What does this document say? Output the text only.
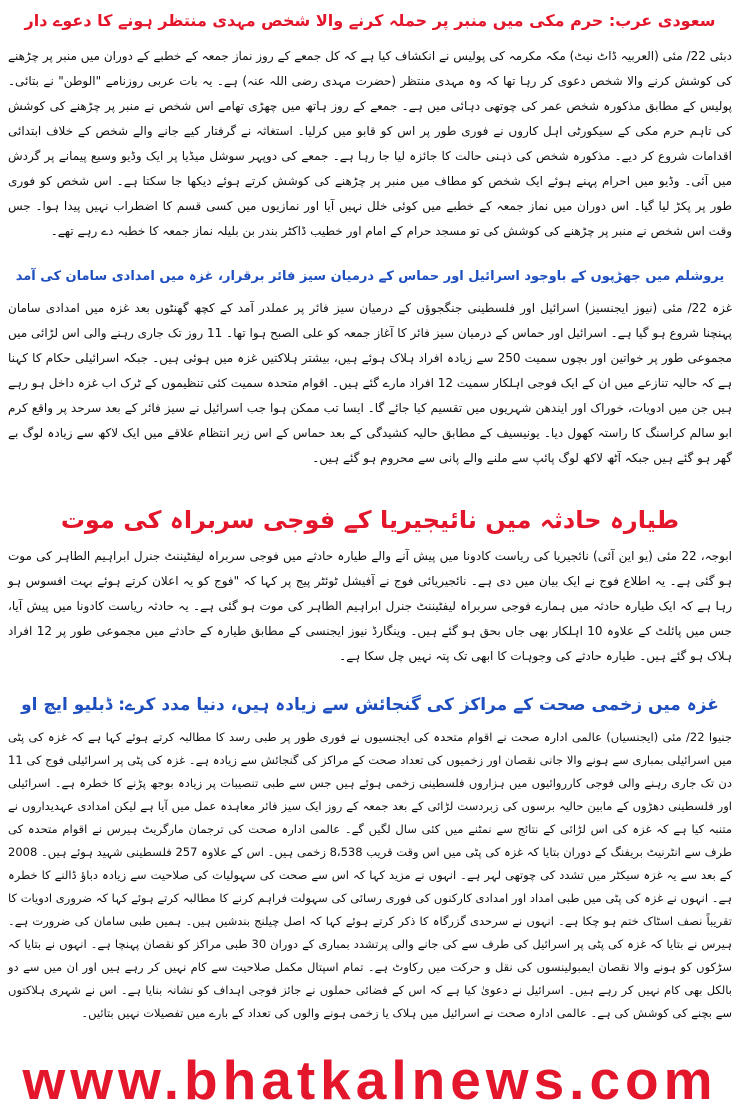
سعودی عرب: حرم مکی میں منبر پر حملہ کرنے والا شخص مہدی منتظر ہونے کا دعوے دار

دبئی 22/ مئی (العربیہ ڈاٹ نیٹ) مکہ مکرمہ کی پولیس نے انکشاف کیا ہے کہ کل جمعے کے روز نماز جمعہ کے خطبے کے دوران میں منبر پر چڑھنے کی کوشش کرنے والا شخص دعوی کر رہا تھا کہ وہ مہدی منتظر (حضرت مہدی رضی اللہ عنہ) ہے۔ یہ بات عربی روزنامے "الوطن" نے بتائی۔ پولیس کے مطابق مذکورہ شخص عمر کی چوتھی دہائی میں ہے۔ جمعے کے روز ہاتھ میں چھڑی تھامے اس شخص نے منبر پر چڑھنے کی کوشش کی تاہم حرم مکی کے سیکورٹی اہل کاروں نے فوری طور پر اس کو قابو میں کرلیا۔ استغاثہ نے گرفتار کیے جانے والے شخص کے خلاف ابتدائی اقدامات شروع کر دیے۔ مذکورہ شخص کی ذہنی حالت کا جائزہ لیا جا رہا ہے۔ جمعے کی دوپہر سوشل میڈیا پر ایک وڈیو وسیع پیمانے پر گردش میں آئی۔ وڈیو میں احرام پہنے ہوئے ایک شخص کو مطاف میں منبر پر چڑھنے کی کوشش کرتے ہوئے دیکھا جا سکتا ہے۔ اس شخص کو فوری طور پر پکڑ لیا گیا۔ اس دوران میں نماز جمعہ کے خطبے میں کوئی خلل نہیں آیا اور نمازیوں میں کسی قسم کا اضطراب نہیں پیدا ہوا۔ جس وقت اس شخص نے منبر پر چڑھنے کی کوشش کی تو مسجد حرام کے امام اور خطیب ڈاکٹر بندر بن بلیلہ نماز جمعہ کا خطبہ دے رہے تھے۔

یروشلم میں جھڑپوں کے باوجود اسرائیل اور حماس کے درمیان سیز فائر برقرار، غزہ میں امدادی سامان کی آمد

غزہ 22/ مئی (نیوز ایجنسیز) اسرائیل اور فلسطینی جنگجوؤں کے درمیان سیز فائر پر عملدر آمد کے کچھ گھنٹوں بعد غزہ میں امدادی سامان پہنچنا شروع ہو گیا ہے۔ اسرائیل اور حماس کے درمیان سیز فائر کا آغاز جمعہ کو علی الصبح ہوا تھا۔ 11 روز تک جاری رہنے والی اس لڑائی میں مجموعی طور پر خواتین اور بچوں سمیت 250 سے زیادہ افراد ہلاک ہوئے ہیں، بیشتر ہلاکتیں غزہ میں ہوئی ہیں۔ جبکہ اسرائیلی حکام کا کہنا ہے کہ حالیہ تنازعے میں ان کے ایک فوجی اہلکار سمیت 12 افراد مارے گئے ہیں۔ اقوام متحدہ سمیت کئی تنظیموں کے ٹرک اب غزہ داخل ہو رہے ہیں جن میں ادویات، خوراک اور ایندھن شہریوں میں تقسیم کیا جائے گا۔ ایسا تب ممکن ہوا جب اسرائیل نے سیز فائر کے بعد سرحد پر واقع کرم ابو سالم کراسنگ کا راستہ کھول دیا۔ یونیسیف کے مطابق حالیہ کشیدگی کے بعد حماس کے اس زیر انتظام علاقے میں ایک لاکھ سے زیادہ لوگ بے گھر ہو گئے ہیں جبکہ آٹھ لاکھ لوگ پائپ سے ملنے والے پانی سے محروم ہو گئے ہیں۔

طیارہ حادثہ میں نائیجیریا کے فوجی سربراہ کی موت

ابوجہ، 22 مئی (یو این آئی) نائجیریا کی ریاست کادونا میں پیش آنے والے طیارہ حادثے میں فوجی سربراہ لیفٹیننٹ جنرل ابراہیم الطاہر کی موت ہو گئی ہے۔ یہ اطلاع فوج نے ایک بیان میں دی ہے۔ نائجیریائی فوج نے آفیشل ٹوئٹر پیج پر کہا کہ "فوج کو یہ اعلان کرتے ہوئے بہت افسوس ہو رہا ہے کہ ایک طیارہ حادثہ میں ہمارے فوجی سربراہ لیفٹیننٹ جنرل ابراہیم الطاہر کی موت ہو گئی ہے۔ یہ حادثہ ریاست کادونا میں پیش آیا، جس میں پائلٹ کے علاوہ 10 اہلکار بھی جاں بحق ہو گئے ہیں۔ وینگارڈ نیوز ایجنسی کے مطابق طیارہ کے حادثے میں مجموعی طور پر 12 افراد ہلاک ہو گئے ہیں۔ طیارہ حادثے کی وجوہات کا ابھی تک پتہ نہیں چل سکا ہے۔

غزہ میں زخمی صحت کے مراکز کی گنجائش سے زیادہ ہیں، دنیا مدد کرے: ڈبلیو ایچ او

جنیوا 22/ مئی (ایجنسیاں) عالمی ادارہ صحت نے اقوام متحدہ کی ایجنسیوں نے فوری طور پر طبی رسد کا مطالبہ کرتے ہوئے کہا ہے کہ غزہ کی پٹی میں اسرائیلی بمباری سے ہونے والا جانی نقصان اور زخمیوں کی تعداد صحت کے مراکز کی گنجائش سے زیادہ ہے۔ غزہ کی پٹی پر اسرائیلی فوج کی 11 دن تک جاری رہنے والی فوجی کارروائیوں میں ہزاروں فلسطینی زخمی ہوئے ہیں جس سے طبی تنصیبات پر زیادہ بوجھ پڑنے کا خطرہ ہے۔ اسرائیلی اور فلسطینی دھڑوں کے مابین حالیہ برسوں کی زبردست لڑائی کے بعد جمعہ کے روز ایک سیز فائر معاہدہ عمل میں آیا ہے لیکن امدادی عہدیداروں نے متنبہ کیا ہے کہ غزہ کی اس لڑائی کے نتائج سے نمٹنے میں کئی سال لگیں گے۔ عالمی ادارہ صحت کی ترجمان مارگریٹ ہیرس نے اقوام متحدہ کی طرف سے انٹرنیٹ بریفنگ کے دوران بتایا کہ غزہ کی پٹی میں اس وقت قریب 8،538 زخمی ہیں۔ اس کے علاوہ 257 فلسطینی شہید ہوئے ہیں۔ 2008 کے بعد سے یہ غزہ سیکٹر میں تشدد کی چوتھی لہر ہے۔ انہوں نے مزید کہا کہ اس سے صحت کی سہولیات کی صلاحیت سے زیادہ دباؤ ڈالنے کا خطرہ ہے۔ انہوں نے غزہ کی پٹی میں طبی امداد اور امدادی کارکنوں کی فوری رسائی کی سہولت فراہم کرنے کا مطالبہ کرتے ہوئے کہا کہ ضروری ادویات کا تقریباً نصف اسٹاک ختم ہو چکا ہے۔ انہوں نے سرحدی گزرگاہ کا ذکر کرتے ہوئے کہا کہ اصل چیلنج بندشیں ہیں۔ ہمیں طبی سامان کی ضرورت ہے۔ ہیرس نے بتایا کہ غزہ کی پٹی پر اسرائیل کی طرف سے کی جانے والی پرتشدد بمباری کے دوران 30 طبی مراکز کو نقصان پہنچا ہے۔ انہوں نے بتایا کہ سڑکوں کو ہونے والا نقصان ایمبولینسوں کی نقل و حرکت میں رکاوٹ ہے۔ تمام اسپتال مکمل صلاحیت سے کام نہیں کر رہے ہیں اور ان میں سے دو بالکل بھی کام نہیں کر رہے ہیں۔ اسرائیل نے دعویٰ کیا ہے کہ اس کے فضائی حملوں نے جائز فوجی اہداف کو نشانہ بنایا ہے۔ اس نے شہری ہلاکتوں سے بچنے کی کوشش کی ہے۔ عالمی ادارہ صحت نے اسرائیل میں ہلاک یا زخمی ہونے والوں کی تعداد کے بارے میں تفصیلات نہیں بتائیں۔

www.bhatkalnews.com
